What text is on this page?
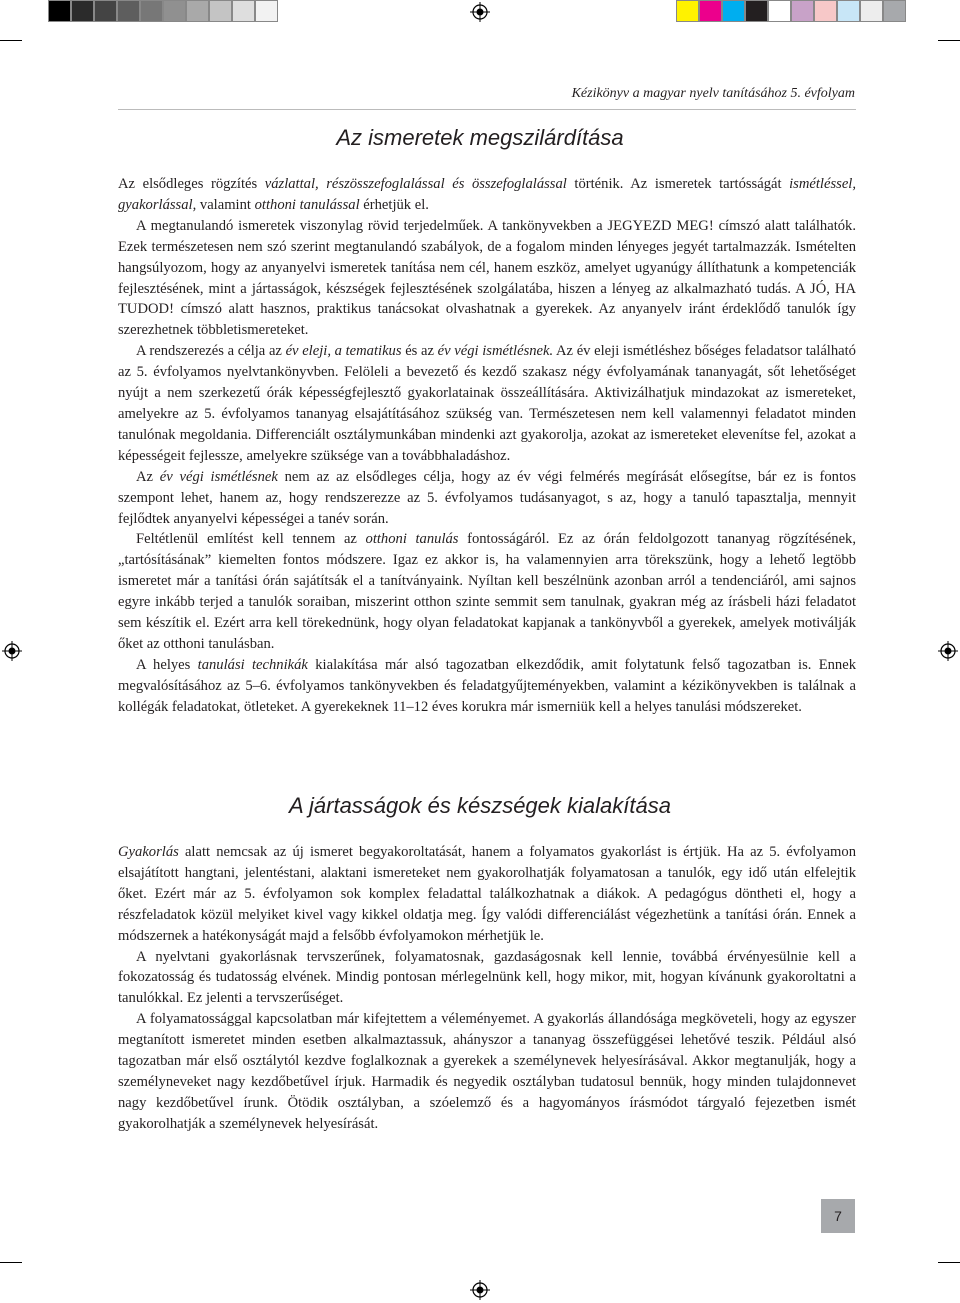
Kézikönyv a magyar nyelv tanításához 5. évfolyam
Az ismeretek megszilárdítása

Az elsődleges rögzítés vázlattal, részösszefoglalással és összefoglalással történik. Az ismeretek tartósságát ismétléssel, gyakorlással, valamint otthoni tanulással érhetjük el.

A megtanulandó ismeretek viszonylag rövid terjedelműek. A tankönyvekben a JEGYEZD MEG! címszó alatt találhatók. Ezek természetesen nem szó szerint megtanulandó szabályok, de a fogalom minden lényeges jegyét tartalmazzák. Ismételten hangsúlyozom, hogy az anyanyelvi ismeretek tanítása nem cél, hanem eszköz, amelyet ugyanúgy állíthatunk a kompetenciák fejlesztésének, mint a jártasságok, készségek fejlesztésének szolgálatába, hiszen a lényeg az alkalmazható tudás. A JÓ, HA TUDOD! címszó alatt hasznos, praktikus tanácsokat olvashatnak a gyerekek. Az anyanyelv iránt érdeklődő tanulók így szerezhetnek többletismereteket.

A rendszerezés a célja az év eleji, a tematikus és az év végi ismétlésnek. Az év eleji ismétléshez bőséges feladatsor található az 5. évfolyamos nyelvtankönyvben. Felöleli a bevezető és kezdő szakasz négy évfolyamának tananyagát, sőt lehetőséget nyújt a nem szerkezetű órák képességfejlesztő gyakorlatainak összeállítására. Aktivizálhatjuk mindazokat az ismereteket, amelyekre az 5. évfolyamos tananyag elsajátításához szükség van. Természetesen nem kell valamennyi feladatot minden tanulónak megoldania. Differenciált osztálymunkában mindenki azt gyakorolja, azokat az ismereteket elevenítse fel, azokat a képességeit fejlessze, amelyekre szüksége van a továbbhaladáshoz.

Az év végi ismétlésnek nem az az elsődleges célja, hogy az év végi felmérés megírását elősegítse, bár ez is fontos szempont lehet, hanem az, hogy rendszerezze az 5. évfolyamos tudásanyagot, s az, hogy a tanuló tapasztalja, mennyit fejlődtek anyanyelvi képességei a tanév során.

Feltétlenül említést kell tennem az otthoni tanulás fontosságáról. Ez az órán feldolgozott tananyag rögzítésének, „tartósításának” kiemelten fontos módszere. Igaz ez akkor is, ha valamennyien arra törekszünk, hogy a lehető legtöbb ismeretet már a tanítási órán sajátítsák el a tanítványaink. Nyíltan kell beszélnünk azonban arról a tendenciáról, ami sajnos egyre inkább terjed a tanulók soraiban, miszerint otthon szinte semmit sem tanulnak, gyakran még az írásbeli házi feladatot sem készítik el. Ezért arra kell törekednünk, hogy olyan feladatokat kapjanak a tankönyvből a gyerekek, amelyek motiválják őket az otthoni tanulásban.

A helyes tanulási technikák kialakítása már alsó tagozatban elkezdődik, amit folytatunk felső tagozatban is. Ennek megvalósításához az 5–6. évfolyamos tankönyvekben és feladatgyűjteményekben, valamint a kézikönyvekben is találnak a kollégák feladatokat, ötleteket. A gyerekeknek 11–12 éves korukra már ismerniük kell a helyes tanulási módszereket.

A jártasságok és készségek kialakítása

Gyakorlás alatt nemcsak az új ismeret begyakoroltatását, hanem a folyamatos gyakorlást is értjük. Ha az 5. évfolyamon elsajátított hangtani, jelentéstani, alaktani ismereteket nem gyakorolhatják folyamatosan a tanulók, egy idő után elfelejtik őket. Ezért már az 5. évfolyamon sok komplex feladattal találkozhatnak a diákok. A pedagógus döntheti el, hogy a részfeladatok közül melyiket kivel vagy kikkel oldatja meg. Így valódi differenciálást végezhetünk a tanítási órán. Ennek a módszernek a hatékonyságát majd a felsőbb évfolyamokon mérhetjük le.

A nyelvtani gyakorlásnak tervszerűnek, folyamatosnak, gazdaságosnak kell lennie, továbbá érvényesülnie kell a fokozatosság és tudatosság elvének. Mindig pontosan mérlegelnünk kell, hogy mikor, mit, hogyan kívánunk gyakoroltatni a tanulókkal. Ez jelenti a tervszerűséget.

A folyamatossággal kapcsolatban már kifejtettem a véleményemet. A gyakorlás állandósága megköveteli, hogy az egyszer megtanított ismeretet minden esetben alkalmaztassuk, ahányszor a tananyag összefüggései lehetővé teszik. Például alsó tagozatban már első osztálytól kezdve foglalkoznak a gyerekek a személynevek helyesírásával. Akkor megtanulják, hogy a személyneveket nagy kezdőbetűvel írjuk. Harmadik és negyedik osztályban tudatosul bennük, hogy minden tulajdonnevet nagy kezdőbetűvel írunk. Ötödik osztályban, a szóelemző és a hagyományos írásmódot tárgyaló fejezetben ismét gyakorolhatják a személynevek helyesírását.

7
